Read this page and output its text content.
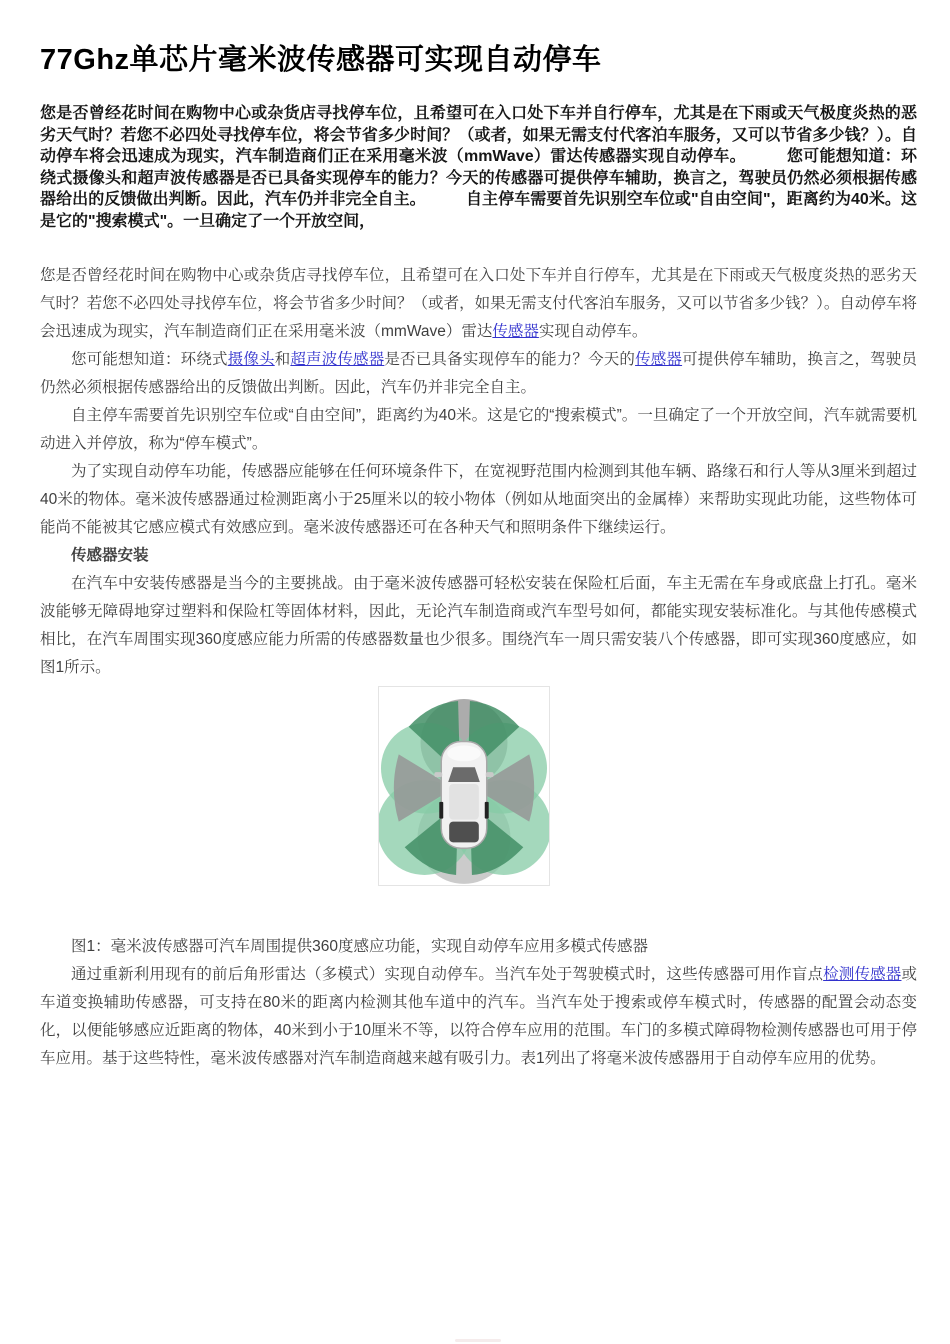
77Ghz单芯片毫米波传感器可实现自动停车

您是否曾经花时间在购物中心或杂货店寻找停车位，且希望可在入口处下车并自行停车，尤其是在下雨或天气极度炎热的恶劣天气时？若您不必四处寻找停车位，将会节省多少时间？（或者，如果无需支付代客泊车服务，又可以节省多少钱？）。自动停车将会迅速成为现实，汽车制造商们正在采用毫米波（mmWave）雷达传感器实现自动停车。　　　您可能想知道：环绕式摄像头和超声波传感器是否已具备实现停车的能力？今天的传感器可提供停车辅助，换言之，驾驶员仍然必须根据传感器给出的反馈做出判断。因此，汽车仍并非完全自主。　　　自主停车需要首先识别空车位或"自由空间"，距离约为40米。这是它的"搜索模式"。一旦确定了一个开放空间，

您是否曾经花时间在购物中心或杂货店寻找停车位，且希望可在入口处下车并自行停车，尤其是在下雨或天气极度炎热的恶劣天气时？若您不必四处寻找停车位，将会节省多少时间？（或者，如果无需支付代客泊车服务，又可以节省多少钱？）。自动停车将会迅速成为现实，汽车制造商们正在采用毫米波（mmWave）雷达传感器实现自动停车。

您可能想知道：环绕式摄像头和超声波传感器是否已具备实现停车的能力？今天的传感器可提供停车辅助，换言之，驾驶员仍然必须根据传感器给出的反馈做出判断。因此，汽车仍并非完全自主。

自主停车需要首先识别空车位或“自由空间”，距离约为40米。这是它的“搜索模式”。一旦确定了一个开放空间，汽车就需要机动进入并停放，称为“停车模式”。

为了实现自动停车功能，传感器应能够在任何环境条件下，在宽视野范围内检测到其他车辆、路缘石和行人等从3厘米到超过40米的物体。毫米波传感器通过检测距离小于25厘米以的较小物体（例如从地面突出的金属棒）来帮助实现此功能，这些物体可能尚不能被其它感应模式有效感应到。毫米波传感器还可在各种天气和照明条件下继续运行。

传感器安装

在汽车中安装传感器是当今的主要挑战。由于毫米波传感器可轻松安装在保险杠后面，车主无需在车身或底盘上打孔。毫米波能够无障碍地穿过塑料和保险杠等固体材料，因此，无论汽车制造商或汽车型号如何，都能实现安装标准化。与其他传感模式相比，在汽车周围实现360度感应能力所需的传感器数量也少很多。围绕汽车一周只需安装八个传感器，即可实现360度感应，如图1所示。

图1：毫米波传感器可汽车周围提供360度感应功能，实现自动停车应用多模式传感器

通过重新利用现有的前后角形雷达（多模式）实现自动停车。当汽车处于驾驶模式时，这些传感器可用作盲点检测传感器或车道变换辅助传感器，可支持在80米的距离内检测其他车道中的汽车。当汽车处于搜索或停车模式时，传感器的配置会动态变化，以便能够感应近距离的物体，40米到小于10厘米不等，以符合停车应用的范围。车门的多模式障碍物检测传感器也可用于停车应用。基于这些特性，毫米波传感器对汽车制造商越来越有吸引力。表1列出了将毫米波传感器用于自动停车应用的优势。
